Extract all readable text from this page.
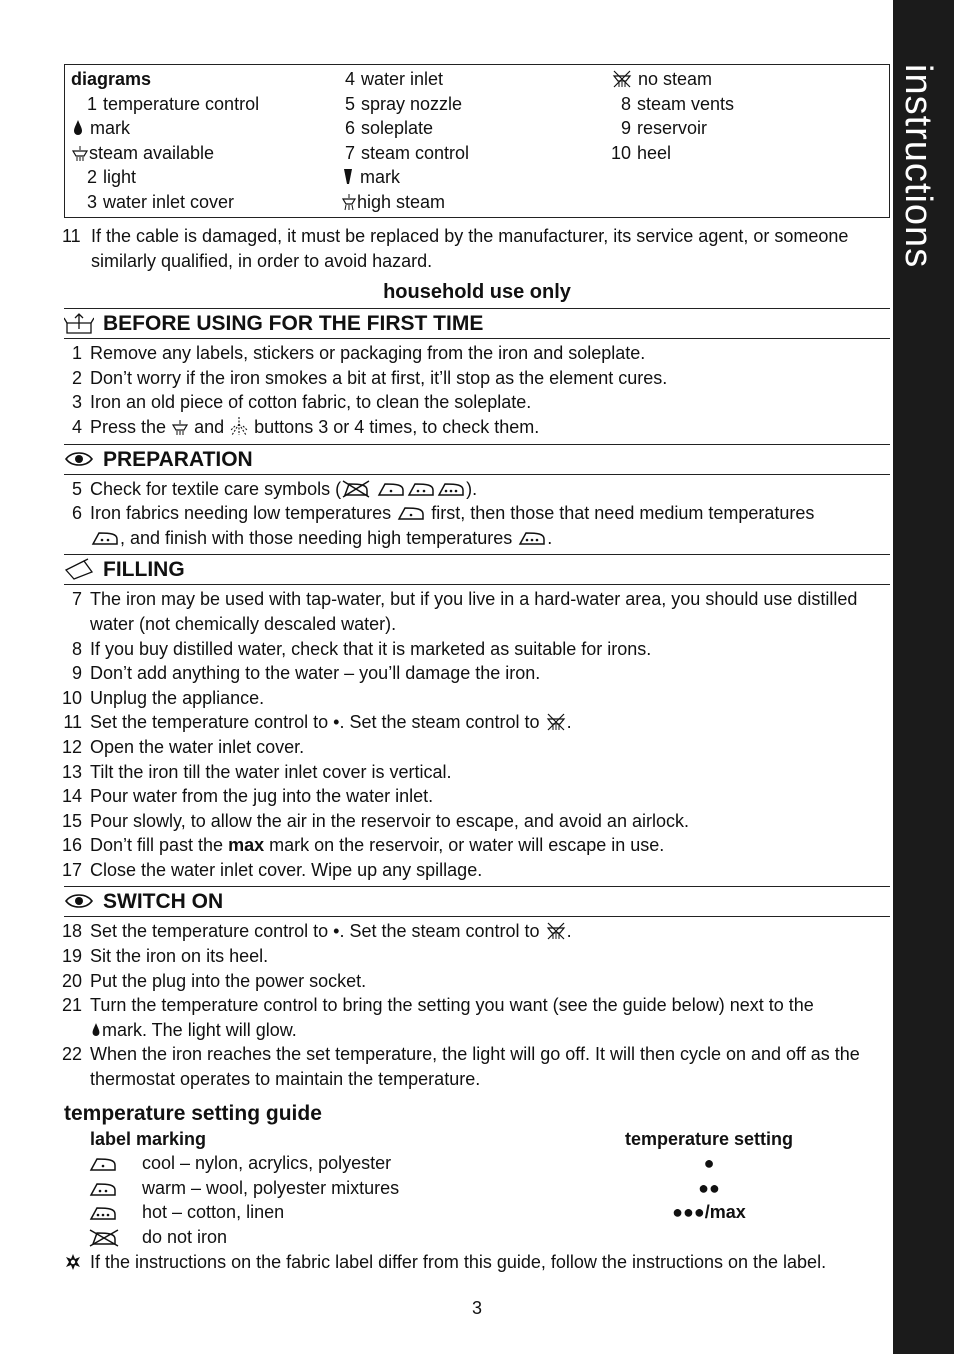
instructions
diagrams
1 temperature control
mark
steam available
2 light
3 water inlet cover
4 water inlet
5 spray nozzle
6 soleplate
7 steam control
mark
high steam
no steam
8 steam vents
9 reservoir
10 heel
11 If the cable is damaged, it must be replaced by the manufacturer, its service agent, or someone similarly qualified, in order to avoid hazard.
household use only
BEFORE USING FOR THE FIRST TIME
1 Remove any labels, stickers or packaging from the iron and soleplate.
2 Don’t worry if the iron smokes a bit at first, it’ll stop as the element cures.
3 Iron an old piece of cotton fabric, to clean the soleplate.
4 Press the and buttons 3 or 4 times, to check them.
PREPARATION
5 Check for textile care symbols (	).
6 Iron fabrics needing low temperatures first, then those that need medium temperatures
, and finish with those needing high temperatures .
FILLING
7 The iron may be used with tap-water, but if you live in a hard-water area, you should use distilled water (not chemically descaled water).
8 If you buy distilled water, check that it is marketed as suitable for irons.
9 Don’t add anything to the water – you’ll damage the iron.
10 Unplug the appliance.
11 Set the temperature control to •. Set the steam control to .
12 Open the water inlet cover.
13 Tilt the iron till the water inlet cover is vertical.
14 Pour water from the jug into the water inlet.
15 Pour slowly, to allow the air in the reservoir to escape, and avoid an airlock.
16 Don’t fill past the max mark on the reservoir, or water will escape in use.
17 Close the water inlet cover. Wipe up any spillage.
SWITCH ON
18 Set the temperature control to •. Set the steam control to .
19 Sit the iron on its heel.
20 Put the plug into the power socket.
21 Turn the temperature control to bring the setting you want (see the guide below) next to the
mark. The light will glow.
22 When the iron reaches the set temperature, the light will go off. It will then cycle on and off as the thermostat operates to maintain the temperature.
temperature setting guide
label marking	temperature setting
cool – nylon, acrylics, polyester	●
warm – wool, polyester mixtures	●●
hot – cotton, linen	●●●/max
do not iron
If the instructions on the fabric label differ from this guide, follow the instructions on the label.
3
